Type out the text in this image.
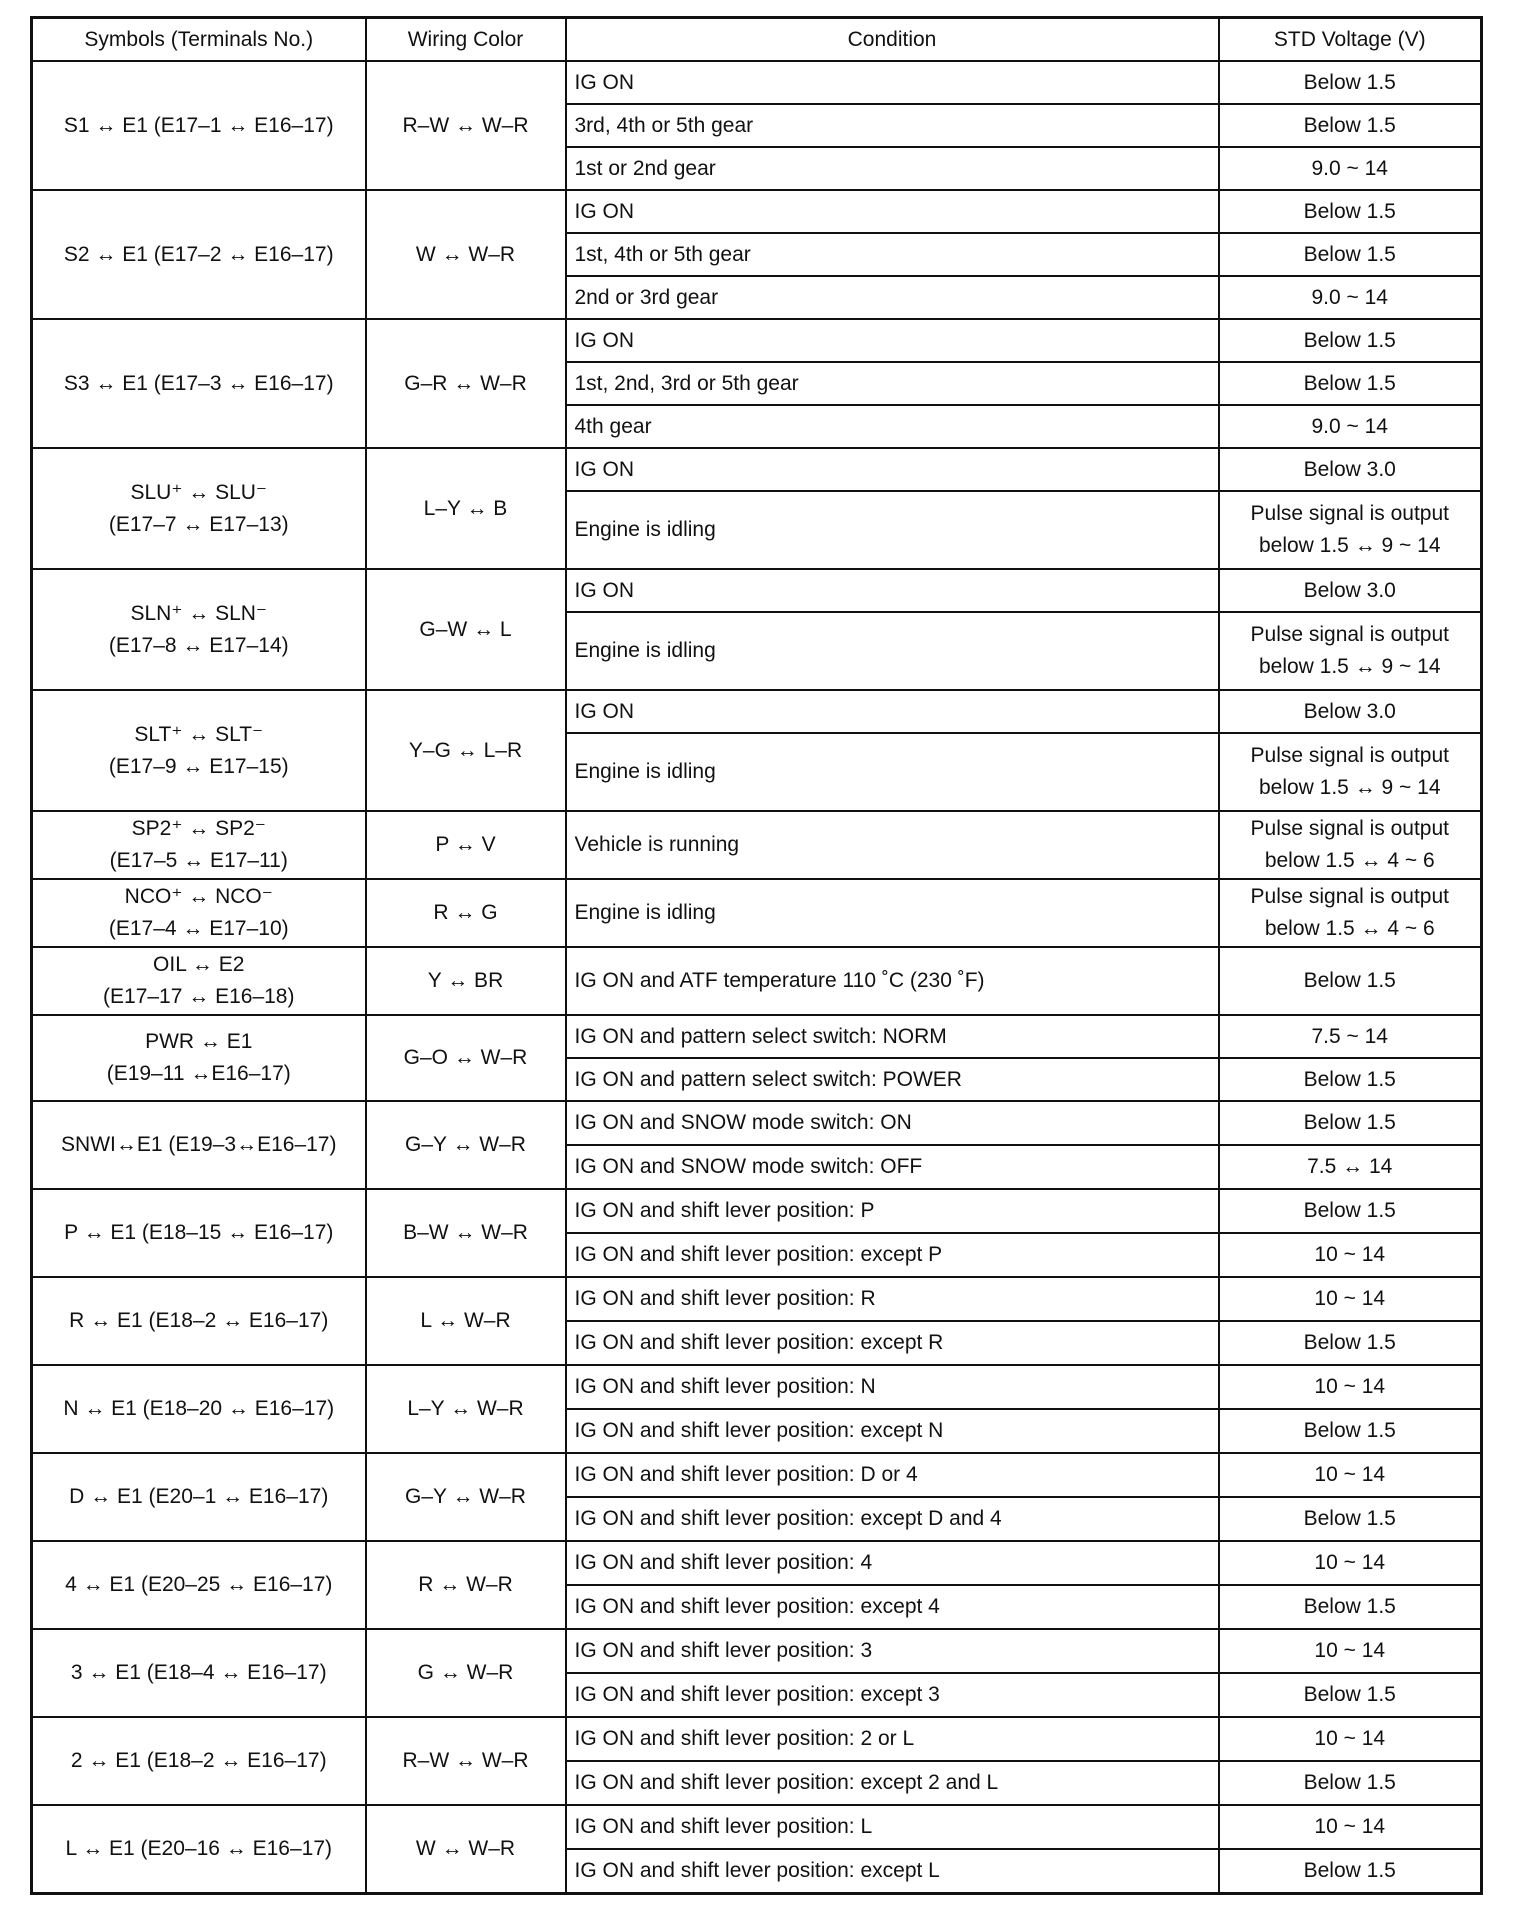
Symbols (Terminals No.)	Wiring Color	Condition	STD Voltage (V)

S1 ↔ E1 (E17–1 ↔ E16–17)	R–W ↔ W–R	IG ON	Below 1.5

		3rd, 4th or 5th gear	Below 1.5

		1st or 2nd gear	9.0 ~ 14

S2 ↔ E1 (E17–2 ↔ E16–17)	W ↔ W–R	IG ON	Below 1.5

		1st, 4th or 5th gear	Below 1.5

		2nd or 3rd gear	9.0 ~ 14

S3 ↔ E1 (E17–3 ↔ E16–17)	G–R ↔ W–R	IG ON	Below 1.5

		1st, 2nd, 3rd or 5th gear	Below 1.5

		4th gear	9.0 ~ 14

SLU⁺ ↔ SLU⁻
(E17–7 ↔ E17–13)	L–Y ↔ B	IG ON	Below 3.0

		Engine is idling	Pulse signal is output
below 1.5 ↔ 9 ~ 14

SLN⁺ ↔ SLN⁻
(E17–8 ↔ E17–14)	G–W ↔ L	IG ON	Below 3.0

		Engine is idling	Pulse signal is output
below 1.5 ↔ 9 ~ 14

SLT⁺ ↔ SLT⁻
(E17–9 ↔ E17–15)	Y–G ↔ L–R	IG ON	Below 3.0

		Engine is idling	Pulse signal is output
below 1.5 ↔ 9 ~ 14

SP2⁺ ↔ SP2⁻
(E17–5 ↔ E17–11)	P ↔ V	Vehicle is running	Pulse signal is output
below 1.5 ↔ 4 ~ 6

NCO⁺ ↔ NCO⁻
(E17–4 ↔ E17–10)	R ↔ G	Engine is idling	Pulse signal is output
below 1.5 ↔ 4 ~ 6

OIL ↔ E2
(E17–17 ↔ E16–18)	Y ↔ BR	IG ON and ATF temperature 110 ˚C (230 ˚F)	Below 1.5

PWR ↔ E1
(E19–11 ↔E16–17)	G–O ↔ W–R	IG ON and pattern select switch: NORM	7.5 ~ 14

		IG ON and pattern select switch: POWER	Below 1.5

SNWI↔E1 (E19–3↔E16–17)	G–Y ↔ W–R	IG ON and SNOW mode switch: ON	Below 1.5

		IG ON and SNOW mode switch: OFF	7.5 ↔ 14

P ↔ E1 (E18–15 ↔ E16–17)	B–W ↔ W–R	IG ON and shift lever position: P	Below 1.5

		IG ON and shift lever position: except P	10 ~ 14

R ↔ E1 (E18–2 ↔ E16–17)	L ↔ W–R	IG ON and shift lever position: R	10 ~ 14

		IG ON and shift lever position: except R	Below 1.5

N ↔ E1 (E18–20 ↔ E16–17)	L–Y ↔ W–R	IG ON and shift lever position: N	10 ~ 14

		IG ON and shift lever position: except N	Below 1.5

D ↔ E1 (E20–1 ↔ E16–17)	G–Y ↔ W–R	IG ON and shift lever position: D or 4	10 ~ 14

		IG ON and shift lever position: except D and 4	Below 1.5

4 ↔ E1 (E20–25 ↔ E16–17)	R ↔ W–R	IG ON and shift lever position: 4	10 ~ 14

		IG ON and shift lever position: except 4	Below 1.5

3 ↔ E1 (E18–4 ↔ E16–17)	G ↔ W–R	IG ON and shift lever position: 3	10 ~ 14

		IG ON and shift lever position: except 3	Below 1.5

2 ↔ E1 (E18–2 ↔ E16–17)	R–W ↔ W–R	IG ON and shift lever position: 2 or L	10 ~ 14

		IG ON and shift lever position: except 2 and L	Below 1.5

L ↔ E1 (E20–16 ↔ E16–17)	W ↔ W–R	IG ON and shift lever position: L	10 ~ 14

		IG ON and shift lever position: except L	Below 1.5
